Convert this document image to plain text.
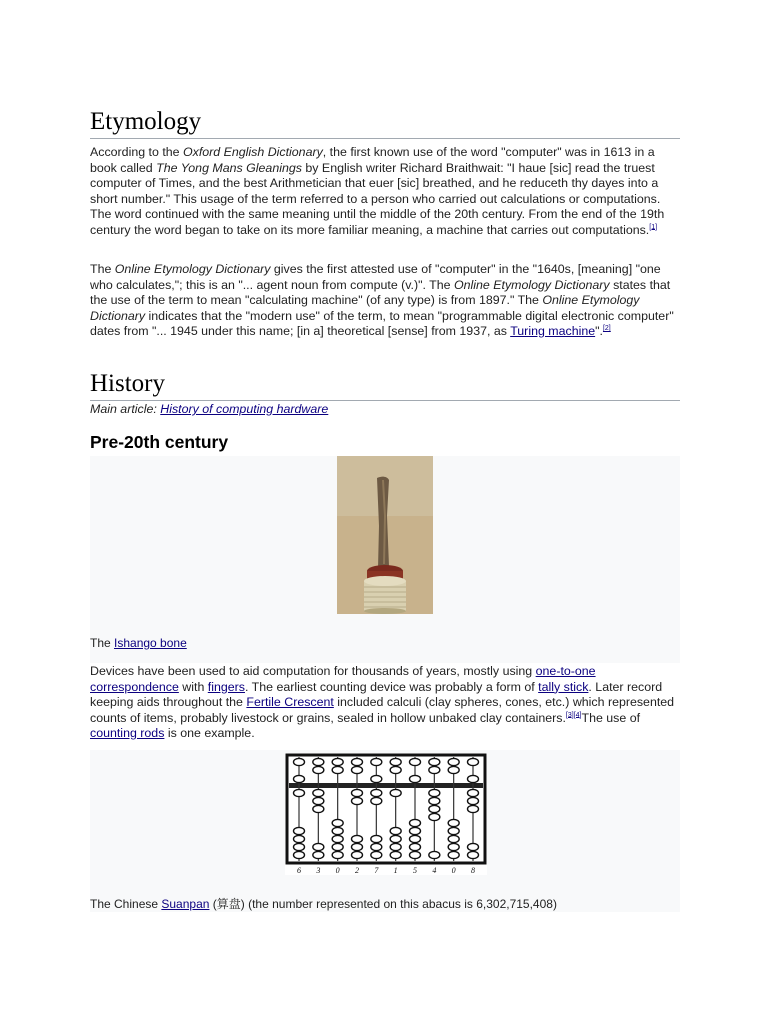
Etymology

According to the Oxford English Dictionary, the first known use of the word "computer" was in 1613 in a book called The Yong Mans Gleanings by English writer Richard Braithwait: "I haue [sic] read the truest computer of Times, and the best Arithmetician that euer [sic] breathed, and he reduceth thy dayes into a short number." This usage of the term referred to a person who carried out calculations or computations. The word continued with the same meaning until the middle of the 20th century. From the end of the 19th century the word began to take on its more familiar meaning, a machine that carries out computations.[1]

The Online Etymology Dictionary gives the first attested use of "computer" in the "1640s, [meaning] "one who calculates,"; this is an "... agent noun from compute (v.)". The Online Etymology Dictionary states that the use of the term to mean "calculating machine" (of any type) is from 1897." The Online Etymology Dictionary indicates that the "modern use" of the term, to mean "programmable digital electronic computer" dates from "... 1945 under this name; [in a] theoretical [sense] from 1937, as Turing machine".[2]

History
Main article: History of computing hardware
Pre-20th century
The Ishango bone

Devices have been used to aid computation for thousands of years, mostly using one-to-one correspondence with fingers. The earliest counting device was probably a form of tally stick. Later record keeping aids throughout the Fertile Crescent included calculi (clay spheres, cones, etc.) which represented counts of items, probably livestock or grains, sealed in hollow unbaked clay containers.[3][4]The use of counting rods is one example.

6 3 0 2 7 1 5 4 0 8
The Chinese Suanpan (算盘) (the number represented on this abacus is 6,302,715,408)
